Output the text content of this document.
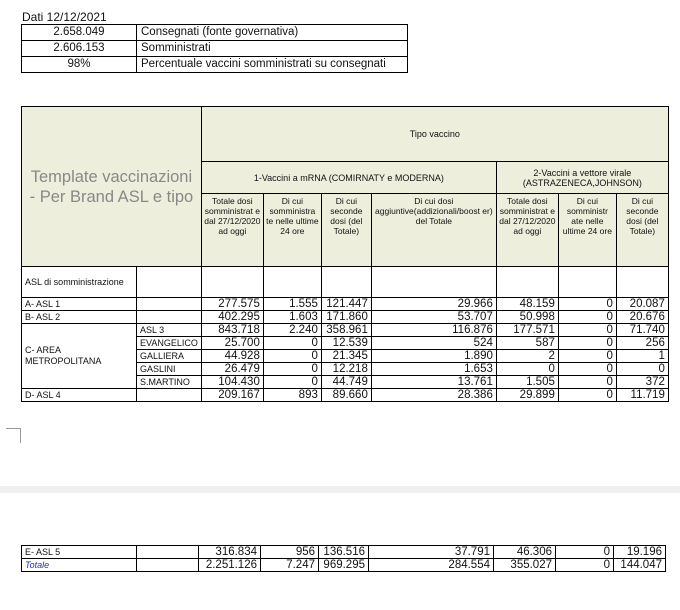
Dati 12/12/2021
2.658.049	Consegnati (fonte governativa)
2.606.153	Somministrati
98%	Percentuale vaccini somministrati su consegnati
Template vaccinazioni - Per Brand ASL e tipo		Tipo vaccino						
		1-Vaccini a mRNA (COMIRNATY e MODERNA)				2-Vaccini a vettore virale (ASTRAZENECA,JOHNSON)		
		Totale dosi somministrat e dal 27/12/2020 ad oggi	Di cui somministra te nelle ultime 24 ore	Di cui seconde dosi (del Totale)	Di cui dosi aggiuntive(addizionali/boost er) del Totale	Totale dosi somministrat e dal 27/12/2020 ad oggi	Di cui somministr ate nelle ultime 24 ore	Di cui seconde dosi (del Totale)
ASL di somministrazione								
A- ASL 1		277.575	1.555	121.447	29.966	48.159	0	20.087
B- ASL 2		402.295	1.603	171.860	53.707	50.998	0	20.676
C- AREA METROPOLITANA	ASL 3	843.718	2.240	358.961	116.876	177.571	0	71.740
	EVANGELICO	25.700	0	12.539	524	587	0	256
	GALLIERA	44.928	0	21.345	1.890	2	0	1
	GASLINI	26.479	0	12.218	1.653	0	0	0
	S.MARTINO	104.430	0	44.749	13.761	1.505	0	372
D- ASL 4		209.167	893	89.660	28.386	29.899	0	11.719
E- ASL 5		316.834	956	136.516	37.791	46.306	0	19.196
Totale		2.251.126	7.247	969.295	284.554	355.027	0	144.047
